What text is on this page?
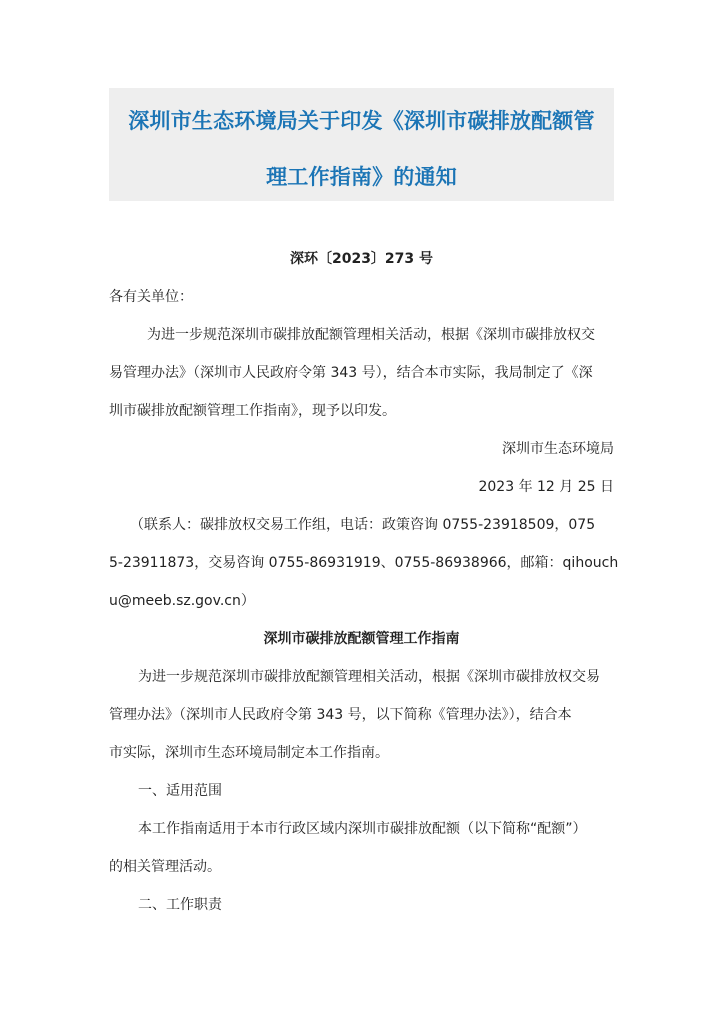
深圳市生态环境局关于印发《深圳市碳排放配额管
理工作指南》的通知
深环〔2023〕273 号
各有关单位：
为进一步规范深圳市碳排放配额管理相关活动，根据《深圳市碳排放权交
易管理办法》（深圳市人民政府令第 343 号），结合本市实际，我局制定了《深
圳市碳排放配额管理工作指南》，现予以印发。
深圳市生态环境局
2023 年 12 月 25 日
（联系人：碳排放权交易工作组，电话：政策咨询 0755-23918509，075
5-23911873，交易咨询 0755-86931919、0755-86938966，邮箱：qihouch
u@meeb.sz.gov.cn）
深圳市碳排放配额管理工作指南
为进一步规范深圳市碳排放配额管理相关活动，根据《深圳市碳排放权交易
管理办法》（深圳市人民政府令第 343 号，以下简称《管理办法》），结合本
市实际，深圳市生态环境局制定本工作指南。
一、适用范围
本工作指南适用于本市行政区域内深圳市碳排放配额（以下简称“配额”）
的相关管理活动。
二、工作职责
